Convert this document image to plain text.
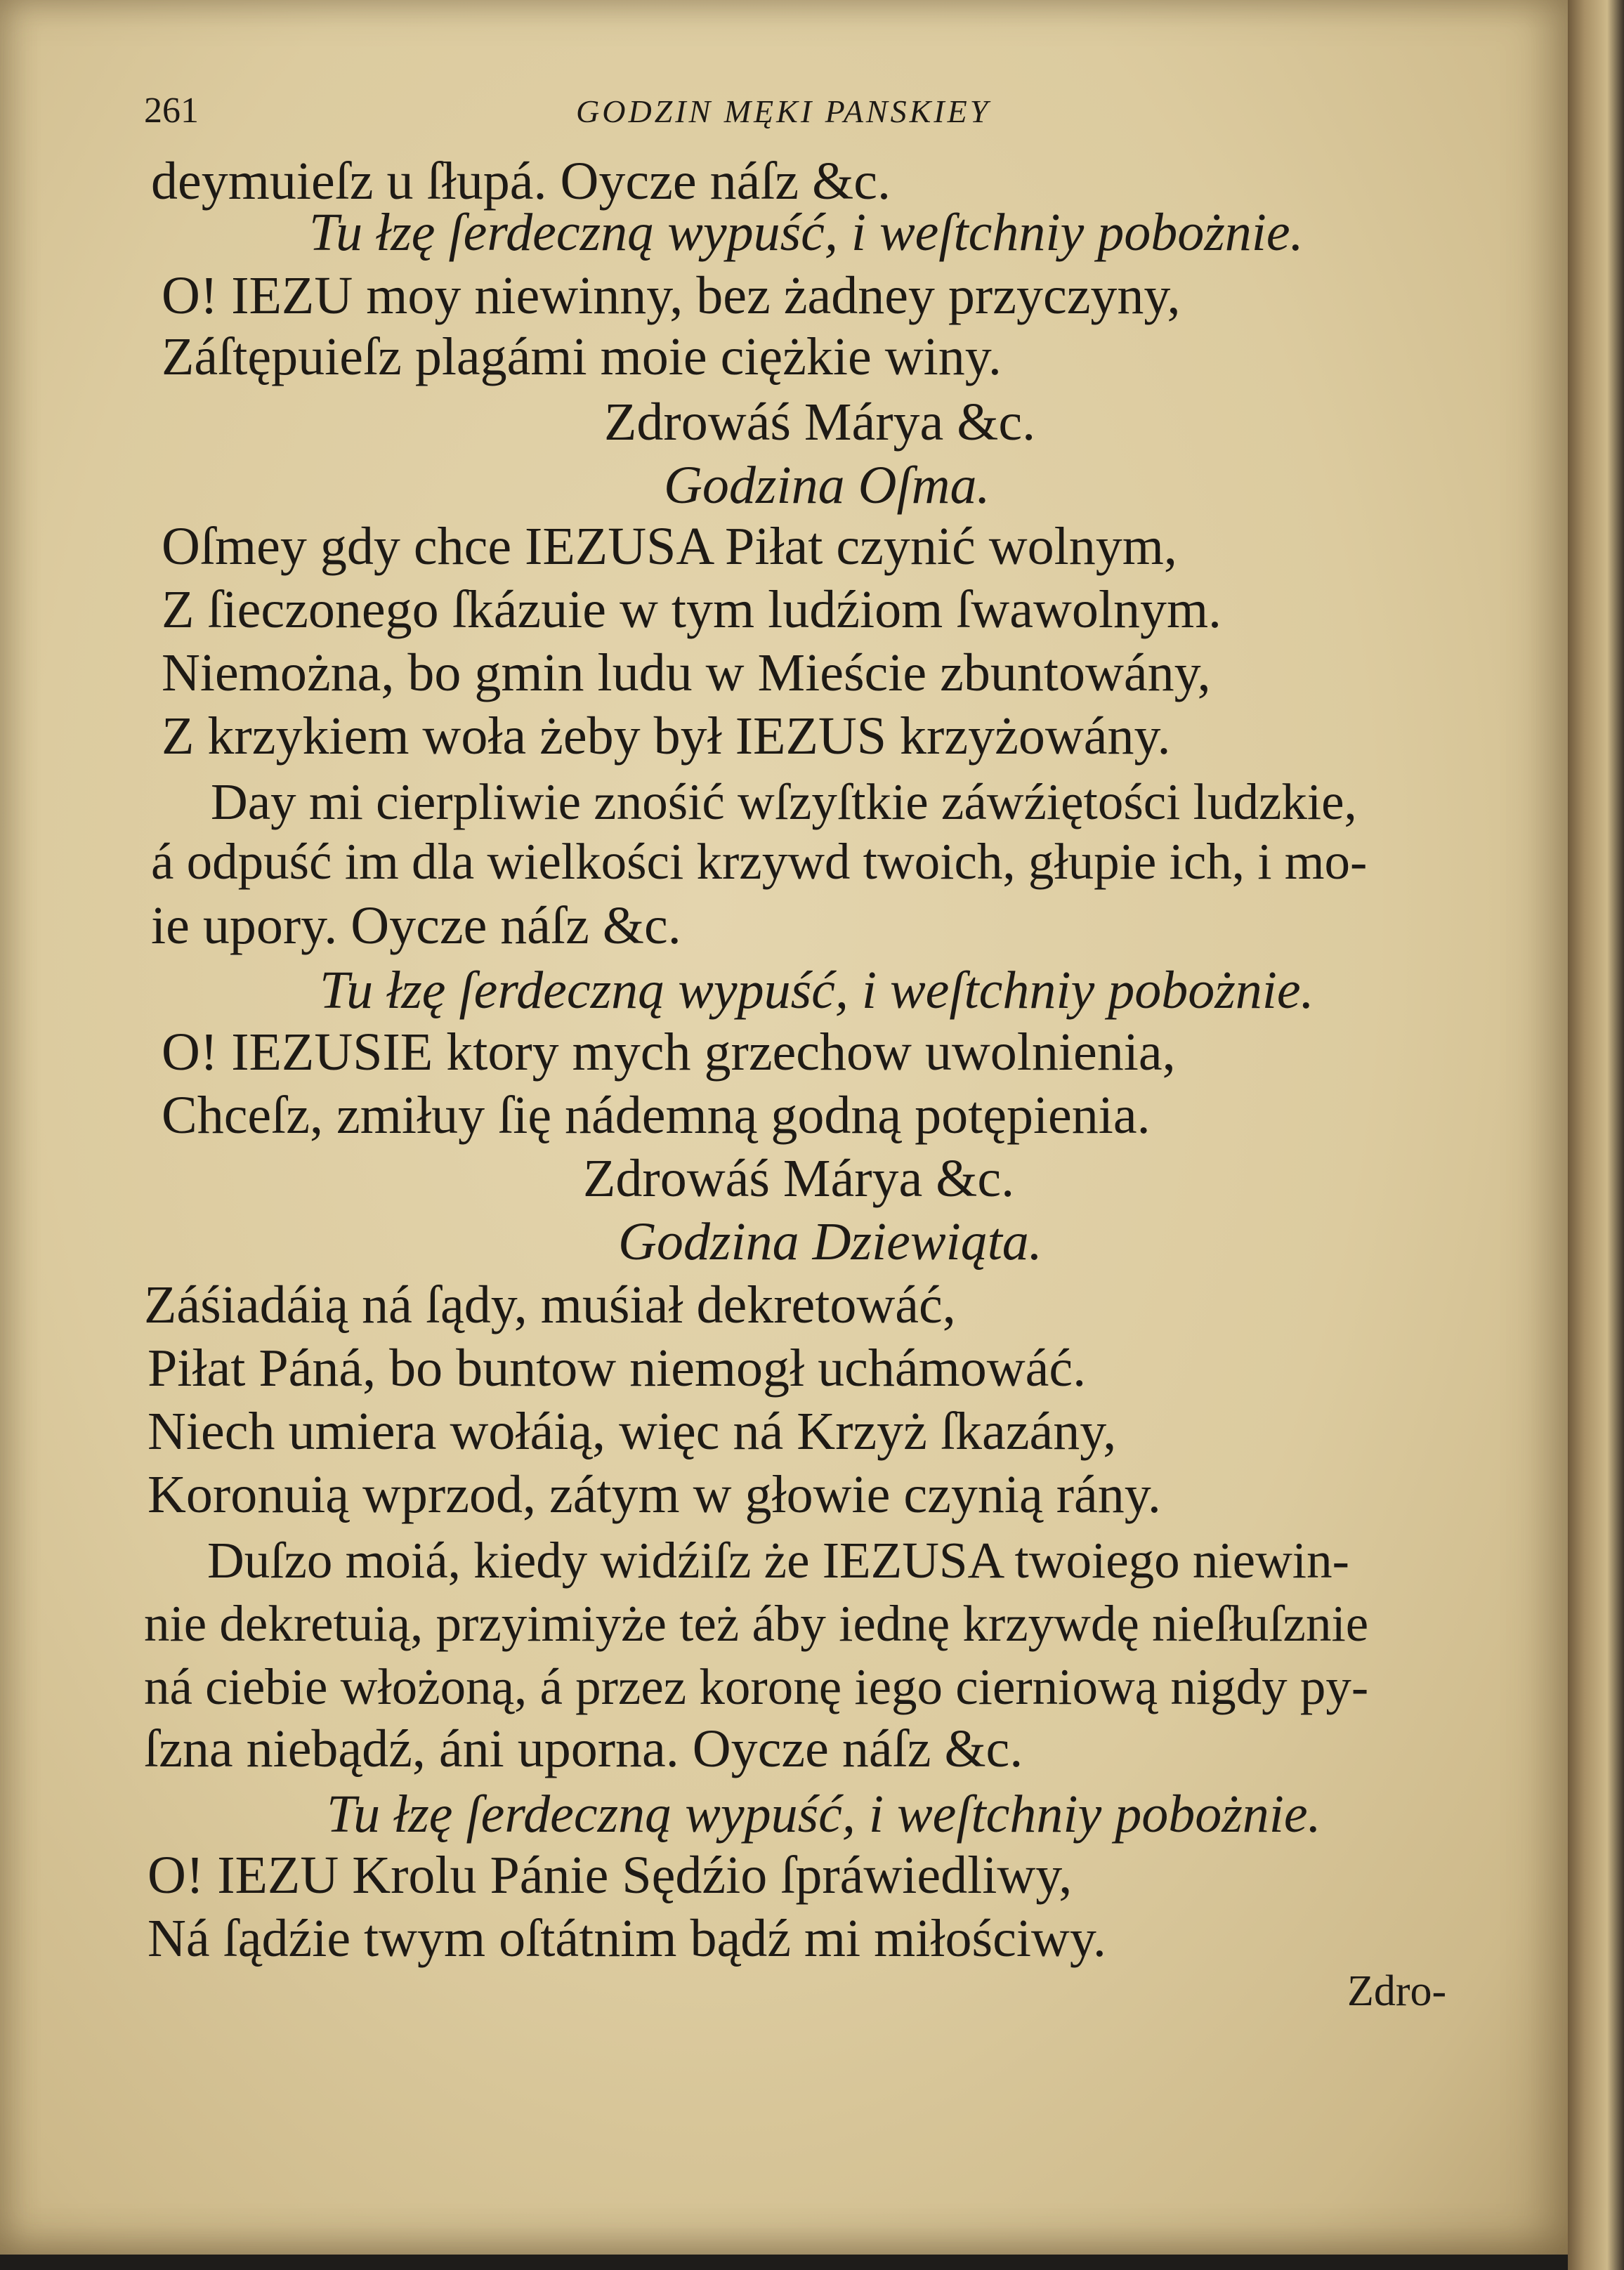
261	GODZIN MĘKI PANSKIEY
deymuieſz u ſłupá. Oycze náſz &c.
Tu łzę ſerdeczną wypuść, i weſtchniy pobożnie.
O! IEZU moy niewinny, bez żadney przyczyny,
Záſtępuieſz plagámi moie ciężkie winy.
Zdrowáś Márya &c.
Godzina Oſma.
Oſmey gdy chce IEZUSA Piłat czynić wolnym,
Z ſieczonego ſkázuie w tym ludźiom ſwawolnym.
Niemożna, bo gmin ludu w Mieście zbuntowány,
Z krzykiem woła żeby był IEZUS krzyżowány.
Day mi cierpliwie znośić wſzyſtkie záwźiętości ludzkie,
á odpuść im dla wielkości krzywd twoich, głupie ich, i mo-
ie upory. Oycze náſz &c.
Tu łzę ſerdeczną wypuść, i weſtchniy pobożnie.
O! IEZUSIE ktory mych grzechow uwolnienia,
Chceſz, zmiłuy ſię nádemną godną potępienia.
Zdrowáś Márya &c.
Godzina Dziewiąta.
Záśiadáią ná ſądy, muśiał dekretowáć,
Piłat Páná, bo buntow niemogł uchámowáć.
Niech umiera wołáią, więc ná Krzyż ſkazány,
Koronuią wprzod, zátym w głowie czynią rány.
Duſzo moiá, kiedy widźiſz że IEZUSA twoiego niewin-
nie dekretuią, przyimiyże też áby iednę krzywdę nieſłuſznie
ná ciebie włożoną, á przez koronę iego cierniową nigdy py-
ſzna niebądź, áni uporna. Oycze náſz &c.
Tu łzę ſerdeczną wypuść, i weſtchniy pobożnie.
O! IEZU Krolu Pánie Sędźio ſpráwiedliwy,
Ná ſądźie twym oſtátnim bądź mi miłościwy.
Zdro-
